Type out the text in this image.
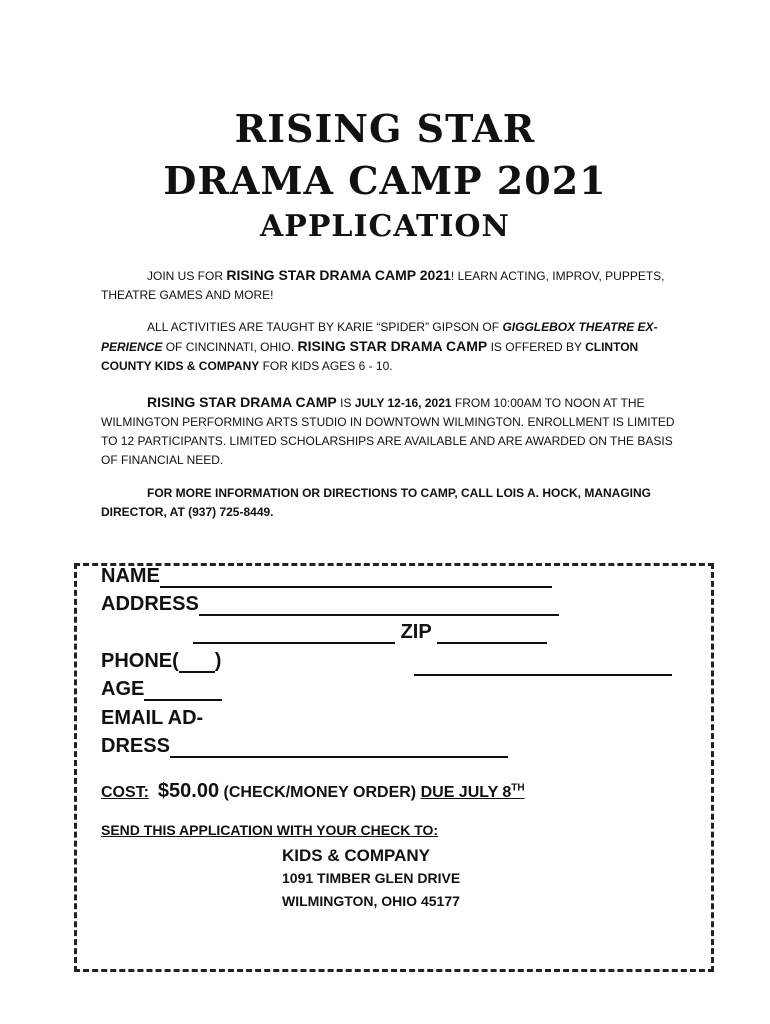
RISING STAR
DRAMA CAMP 2021
APPLICATION
JOIN US FOR RISING STAR DRAMA CAMP 2021! LEARN ACTING, IMPROV, PUPPETS, THEATRE GAMES AND MORE!
ALL ACTIVITIES ARE TAUGHT BY KARIE “SPIDER” GIPSON OF GIGGLEBOX THEATRE EX-PERIENCE OF CINCINNATI, OHIO. RISING STAR DRAMA CAMP IS OFFERED BY CLINTON COUNTY KIDS & COMPANY FOR KIDS AGES 6 - 10.
RISING STAR DRAMA CAMP IS JULY 12-16, 2021 FROM 10:00AM TO NOON AT THE WILMINGTON PERFORMING ARTS STUDIO IN DOWNTOWN WILMINGTON. ENROLLMENT IS LIMITED TO 12 PARTICIPANTS. LIMITED SCHOLARSHIPS ARE AVAILABLE AND ARE AWARDED ON THE BASIS OF FINANCIAL NEED.
FOR MORE INFORMATION OR DIRECTIONS TO CAMP, CALL LOIS A. HOCK, MANAGING DIRECTOR, AT (937) 725-8449.
NAME
ADDRESS
ZIP
PHONE( )
AGE
EMAIL AD-
DRESS
COST: $50.00 (CHECK/MONEY ORDER) DUE JULY 8TH
SEND THIS APPLICATION WITH YOUR CHECK TO:
KIDS & COMPANY
1091 TIMBER GLEN DRIVE
WILMINGTON, OHIO 45177
